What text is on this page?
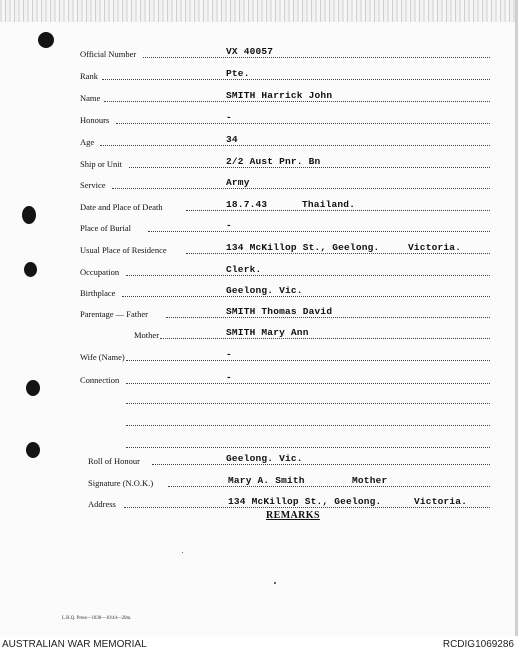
Official Number	VX 40057
Rank	Pte.
Name	SMITH Harrick John
Honours	-
Age	34
Ship or Unit	2/2 Aust Pnr. Bn
Service	Army
Date and Place of Death	18.7.43	Thailand.
Place of Burial	-
Usual Place of Residence	134 McKillop St., Geelong.	Victoria.
Occupation	Clerk.
Birthplace	Geelong. Vic.
Parentage — Father	SMITH Thomas David
Mother	SMITH Mary Ann
Wife (Name)	-
Connection	-
Roll of Honour	Geelong. Vic.
Signature (N.O.K.)	Mary A. Smith	Mother
Address	134 McKillop St., Geelong.	Victoria.
REMARKS
L.H.Q. Press—1838—10/44—20m.
AUSTRALIAN WAR MEMORIAL	RCDIG1069286
